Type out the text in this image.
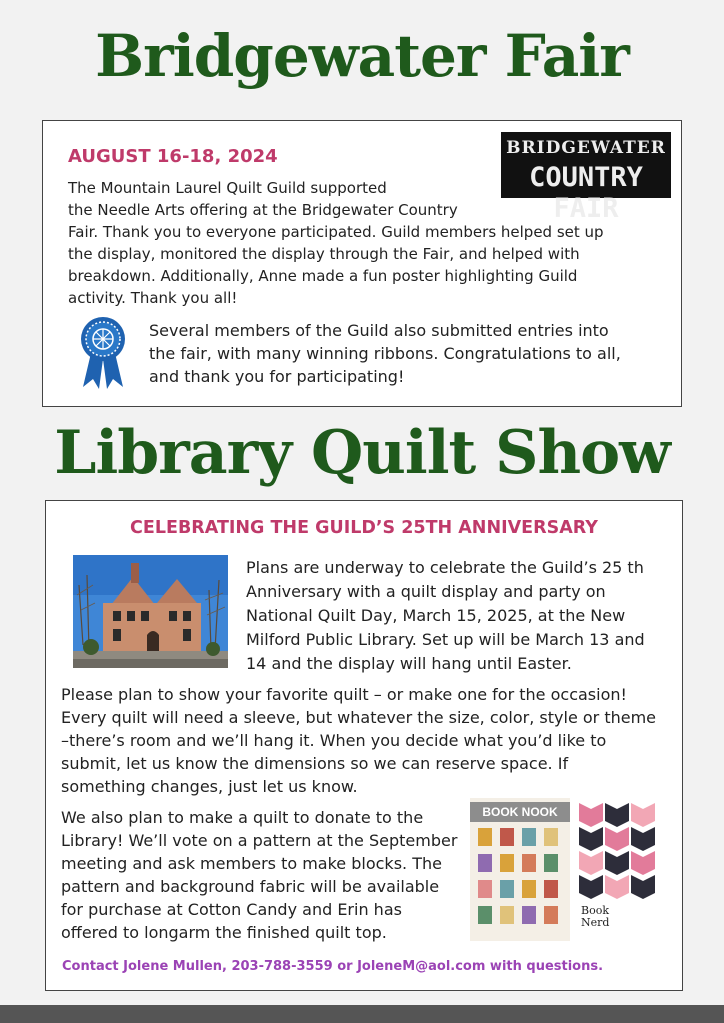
Bridgewater Fair

AUGUST 16-18, 2024	BRIDGEWATER
COUNTRY FAIR

The Mountain Laurel Quilt Guild supported

the Needle Arts offering at the Bridgewater Country

Fair. Thank you to everyone participated. Guild members helped set up

the display, monitored the display through the Fair, and helped with

breakdown. Additionally, Anne made a fun poster highlighting Guild

activity. Thank you all!

Several members of the Guild also submitted entries into

the fair, with many winning ribbons. Congratulations to all,

and thank you for participating!

Library Quilt Show

CELEBRATING THE GUILD’S 25TH ANNIVERSARY

Plans are underway to celebrate the Guild’s 25 th

Anniversary with a quilt display and party on

National Quilt Day, March 15, 2025, at the New

Milford Public Library. Set up will be March 13 and

14 and the display will hang until Easter.

Please plan to show your favorite quilt – or make one for the occasion!

Every quilt will need a sleeve, but whatever the size, color, style or theme

–there’s room and we’ll hang it. When you decide what you’d like to

submit, let us know the dimensions so we can reserve space. If

something changes, just let us know.

We also plan to make a quilt to donate to the

Library! We’ll vote on a pattern at the September

meeting and ask members to make blocks. The

pattern and background fabric will be available

for purchase at Cotton Candy and Erin has

offered to longarm the finished quilt top.

BOOK NOOK
Book Nerd

Contact Jolene Mullen, 203-788-3559 or JoleneM@aol.com with questions.
